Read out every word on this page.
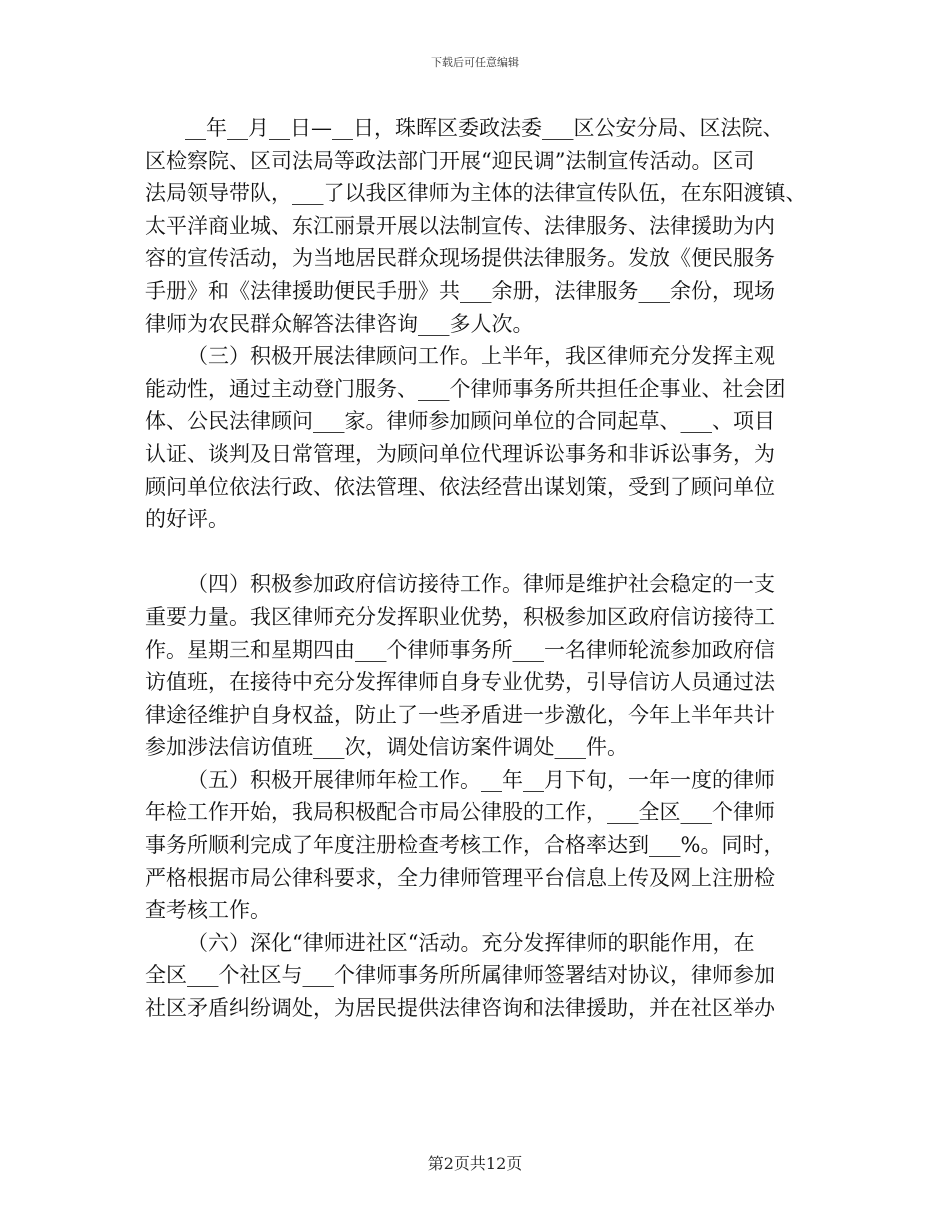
下载后可任意编辑
__年__月__日—__日，珠晖区委政法委___区公安分局、区法院、
区检察院、区司法局等政法部门开展“迎民调”法制宣传活动。区司
法局领导带队，___了以我区律师为主体的法律宣传队伍，在东阳渡镇、
太平洋商业城、东江丽景开展以法制宣传、法律服务、法律援助为内
容的宣传活动，为当地居民群众现场提供法律服务。发放《便民服务
手册》和《法律援助便民手册》共___余册，法律服务___余份，现场
律师为农民群众解答法律咨询___多人次。
（三）积极开展法律顾问工作。上半年，我区律师充分发挥主观
能动性，通过主动登门服务、___个律师事务所共担任企事业、社会团
体、公民法律顾问___家。律师参加顾问单位的合同起草、___、项目
认证、谈判及日常管理，为顾问单位代理诉讼事务和非诉讼事务，为
顾问单位依法行政、依法管理、依法经营出谋划策，受到了顾问单位
的好评。
（四）积极参加政府信访接待工作。律师是维护社会稳定的一支
重要力量。我区律师充分发挥职业优势，积极参加区政府信访接待工
作。星期三和星期四由___个律师事务所___一名律师轮流参加政府信
访值班，在接待中充分发挥律师自身专业优势，引导信访人员通过法
律途径维护自身权益，防止了一些矛盾进一步激化，今年上半年共计
参加涉法信访值班___次，调处信访案件调处___件。
（五）积极开展律师年检工作。__年__月下旬，一年一度的律师
年检工作开始，我局积极配合市局公律股的工作，___全区___个律师
事务所顺利完成了年度注册检查考核工作，合格率达到___%。同时，
严格根据市局公律科要求，全力律师管理平台信息上传及网上注册检
查考核工作。
（六）深化“律师进社区“活动。充分发挥律师的职能作用，在
全区___个社区与___个律师事务所所属律师签署结对协议，律师参加
社区矛盾纠纷调处，为居民提供法律咨询和法律援助，并在社区举办
第2页共12页
